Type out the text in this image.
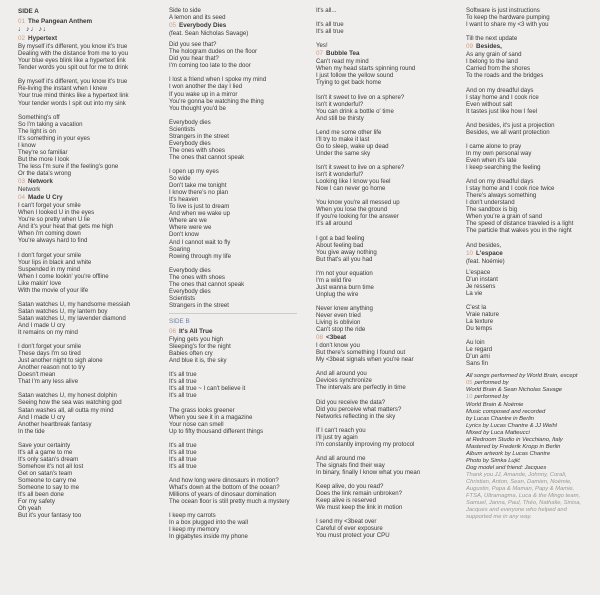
SIDE A
01 The Pangean Anthem
♩♪♩♪♩
02 Hypertext
By myself it's different, you know it's true
Dealing with the distance from me to you
Your blue eyes blink like a hypertext link
Tender words you spit out for me to drink
By myself it's different, you know it's true
Re-living the instant when I knew
Your true mind thinks like a hypertext link
Your tender words I spit out into my sink
Something's off
So I'm taking a vacation
The light is on
It's something in your eyes
I know
They're so familiar
But the more I look
The less I'm sure if the feeling's gone
Or the data's wrong
03 Network
Network
04 Made U Cry
I can't forget your smile
When I looked U in the eyes
You're so pretty when U lie
And it's your heat that gets me high
When i'm coming down
You're always hard to find
I don't forget your smile
Your lips in black and white
Suspended in my mind
When I come lookin' you're offline
Like makin' love
With the movie of your life
Satan watches U, my handsome messiah
Satan watches U, my lantern boy
Satan watches U, my lavender diamond
And I made U cry
It remains on my mind
I don't forget your smile
These days I'm so tired
Just another night to sigh alone
Another reason not to try
Doesn't mean
That I'm any less alive
Satan watches U, my honest dolphin
Seeing how the sea was watching god
Satan washes all, all outta my mind
And I made U cry
Another heartbreak fantasy
In the tide
Save your certainty
It's all a game to me
It's only satan's dream
Somehow it's not all lost
Get on satan's team
Someone to carry me
Someone to say to me
It's all been done
For my safety
Oh yeah
But it's your fantasy too
Side to side
A lemon and its seed
05 Everybody Dies
(feat. Sean Nicholas Savage)
Did you see that?
The hologram dudes on the floor
Did you hear that?
I'm coming too late to the door
I lost a friend when I spoke my mind
I won another the day I lied
If you wake up in a mirror
You're gonna be watching the thing
You thought you'd be
Everybody dies
Scientists
Strangers in the street
Everybody dies
The ones with shoes
The ones that cannot speak
I open up my eyes
So wide
Don't take me tonight
I know there's no plan
It's heaven
To live is just to dream
And when we wake up
Where are we
Where were we
Don't know
And I cannot wait to fly
Soaring
Rowing through my life
Everybody dies
The ones with shoes
The ones that cannot speak
Everybody dies
Scientists
Strangers in the street
SIDE B
06 It's All True
Flying gets you high
Sleeping's for the night
Babies often cry
And blue it is, the sky
It's all true
It's all true
It's all true ~ I can't believe it
It's all true
The grass looks greener
When you see it in a magazine
Your nose can smell
Up to fifty thousand different things
It's all true
It's all true
It's all true
It's all true
And how long were dinosaurs in motion?
What's down at the bottom of the ocean?
Millions of years of dinosaur domination
The ocean floor is still pretty much a mystery
I keep my carrots
In a box plugged into the wall
I keep my memory
In gigabytes inside my phone
It's all...
It's all true
It's all true
Yes!
07 Bubble Tea
Can't read my mind
When my head starts spinning round
I just follow the yellow sound
Trying to get back home
Isn't it sweet to live on a sphere?
Isn't it wonderful?
You can drink a bottle o' time
And still be thirsty
Lend me some other life
I'll try to make it last
Go to sleep, wake up dead
Under the same sky
Isn't it sweet to live on a sphere?
Isn't it wonderful?
Looking like I know you feel
Now I can never go home
You know you're all messed up
When you lose the ground
If you're looking for the answer
It's all around
I got a bad feeling
About feeling bad
You give away nothing
But that's all you had
I'm not your equation
I'm a wild fire
Just wanna burn time
Unplug the wire
Never knew anything
Never even tried
Living is oblivion
Can't stop the ride
08 <3beat
I don't know you
But there's something I found out
My <3beat signals when you're near
And all around you
Devices synchronize
The intervals are perfectly in time
Did you receive the data?
Did you perceive what matters?
Networks reflecting in the sky
If I can't reach you
I'll just try again
I'm constantly improving my protocol
And all around me
The signals find their way
In binary, finally I know what you mean
Keep alive, do you read?
Does the link remain unbroken?
Keep alive is reserved
We must keep the link in motion
I send my <3beat over
Careful of ever exposure
You must protect your CPU
Software is just instructions
To keep the hardware pumping
I want to share my <3 with you
Till the next update
09 Besides,
As any grain of sand
I belong to the land
Carried from the shores
To the roads and the bridges
And on my dreadful days
I stay home and I cook rice
Even without salt
It tastes just like how I feel
And besides, it's just a projection
Besides, we all want protection
I came alone to pray
In my own personal way
Even when it's late
I keep searching the feeling
And on my dreadful days
I stay home and I cook rice twice
There's always something
I don't understand
The sandbox is big
When you're a grain of sand
The speed of distance traveled is a light
The particle that wakes you in the night
And besides,
10 L'espace
(feat. Noémie)
L'espace
D'un instant
Je ressens
La vie
C'est la
Vraie nature
La texture
Du temps
Au loin
Le regard
D'un ami
Sans fin
All songs performed by World Brain, except
05 performed by
World Brain & Sean Nicholas Savage
10 performed by
World Brain & Noémie
Music composed and recorded
by Lucas Chantre in Berlin
Lyrics by Lucas Chantre & JJ Weihl
Mixed by Luca Matteucci
at Redroom Studio in Vecchiano, Italy
Mastered by Frederik Kropp in Berlin
Album artwork by Lucas Chantre
Photo by Simka Lujić
Dog model and friend: Jacques
Thank you JJ, Amande, Johnny, Corali,
Christian, Anton, Sean, Damien, Noémie,
Augustin, Papa & Maman, Papy & Mamie,
FTSA, Ultramagma, Luca & the Mingo team,
Samuel, Janna, Paul, Théo, Nathalie, Sinisa,
Jacques and everyone who helped and
supported me in any way.
